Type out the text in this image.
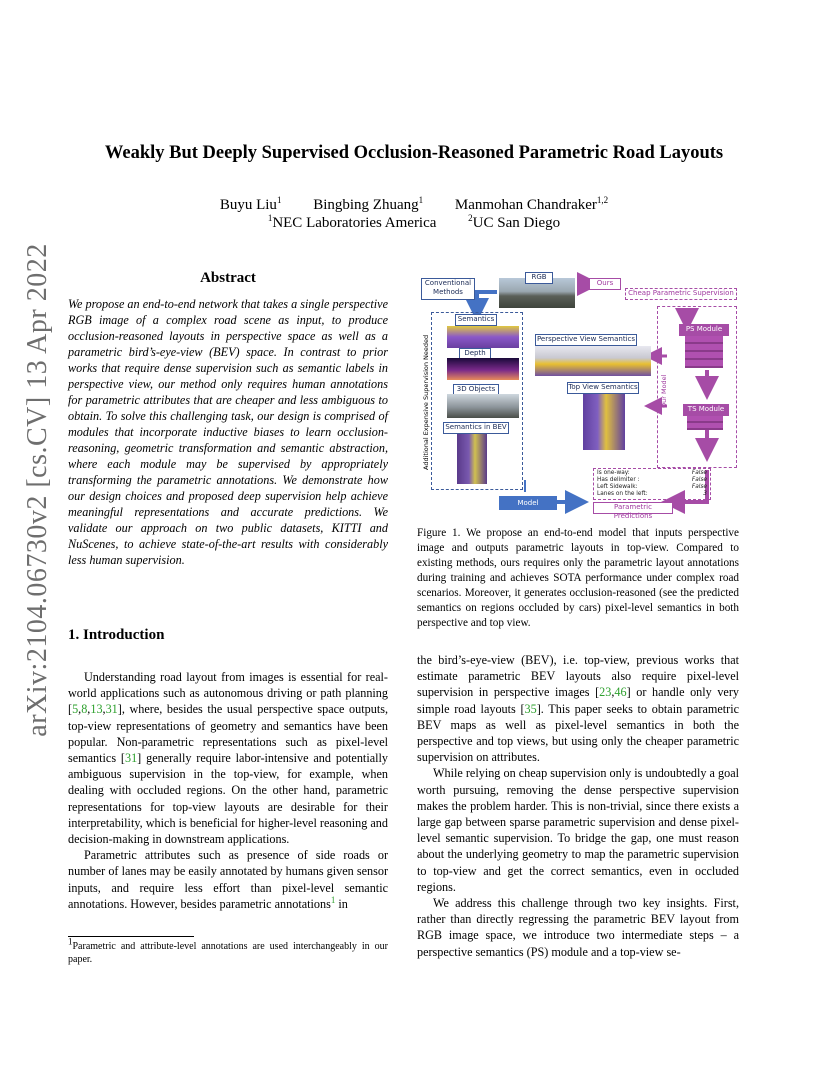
arXiv:2104.06730v2 [cs.CV] 13 Apr 2022
Weakly But Deeply Supervised Occlusion-Reasoned Parametric Road Layouts
Buyu Liu$^1$ Bingbing Zhuang$^1$ Manmohan Chandraker$^{1,2}$
$^1$NEC Laboratories America	$^2$UC San Diego
Abstract
We propose an end-to-end network that takes a single perspective RGB image of a complex road scene as input, to produce occlusion-reasoned layouts in perspective space as well as a parametric bird’s-eye-view (BEV) space. In contrast to prior works that require dense supervision such as semantic labels in perspective view, our method only requires human annotations for parametric attributes that are cheaper and less ambiguous to obtain. To solve this challenging task, our design is comprised of modules that incorporate inductive biases to learn occlusion-reasoning, geometric transformation and semantic abstraction, where each module may be supervised by appropriately transforming the parametric annotations. We demonstrate how our design choices and proposed deep supervision help achieve meaningful representations and accurate predictions. We validate our approach on two public datasets, KITTI and NuScenes, to achieve state-of-the-art results with considerably less human supervision.
1. Introduction

Understanding road layout from images is essential for real-world applications such as autonomous driving or path planning [5,8,13,31], where, besides the usual perspective space outputs, top-view representations of geometry and semantics have been popular. Non-parametric representations such as pixel-level semantics [31] generally require labor-intensive and potentially ambiguous supervision in the top-view, for example, when dealing with occluded regions. On the other hand, parametric representations for top-view layouts are desirable for their interpretability, which is beneficial for higher-level reasoning and decision-making in downstream applications.

Parametric attributes such as presence of side roads or number of lanes may be easily annotated by humans given sensor inputs, and require less effort than pixel-level semantic annotations. However, besides parametric annotations$^1$ in

$^1$Parametric and attribute-level annotations are used interchangeably in our paper.
Conventional Methods
RGB
Ours
Cheap Parametric Supervision
Additional Expensive Supervision Needed
Semantics
Depth
3D Objects
Semantics in BEV
Perspective View Semantics
Top View Semantics	Our Model
PS Module
TS Module
Is one-way:	False
Has delimiter :	False
Left Sidewalk:	False
Lanes on the left:	3
Model	Parametric Predictions
Figure 1. We propose an end-to-end model that inputs perspective image and outputs parametric layouts in top-view. Compared to existing methods, ours requires only the parametric layout annotations during training and achieves SOTA performance under complex road scenarios. Moreover, it generates occlusion-reasoned (see the predicted semantics on regions occluded by cars) pixel-level semantics in both perspective and top view.

the bird’s-eye-view (BEV), i.e. top-view, previous works that estimate parametric BEV layouts also require pixel-level supervision in perspective images [23,46] or handle only very simple road layouts [35]. This paper seeks to obtain parametric BEV maps as well as pixel-level semantics in both the perspective and top views, but using only the cheaper parametric supervision on attributes.

While relying on cheap supervision only is undoubtedly a goal worth pursuing, removing the dense perspective supervision makes the problem harder. This is non-trivial, since there exists a large gap between sparse parametric supervision and dense pixel-level semantic supervision. To bridge the gap, one must reason about the underlying geometry to map the parametric supervision to top-view and get the correct semantics, even in occluded regions.

We address this challenge through two key insights. First, rather than directly regressing the parametric BEV layout from RGB image space, we introduce two intermediate steps – a perspective semantics (PS) module and a top-view se-
